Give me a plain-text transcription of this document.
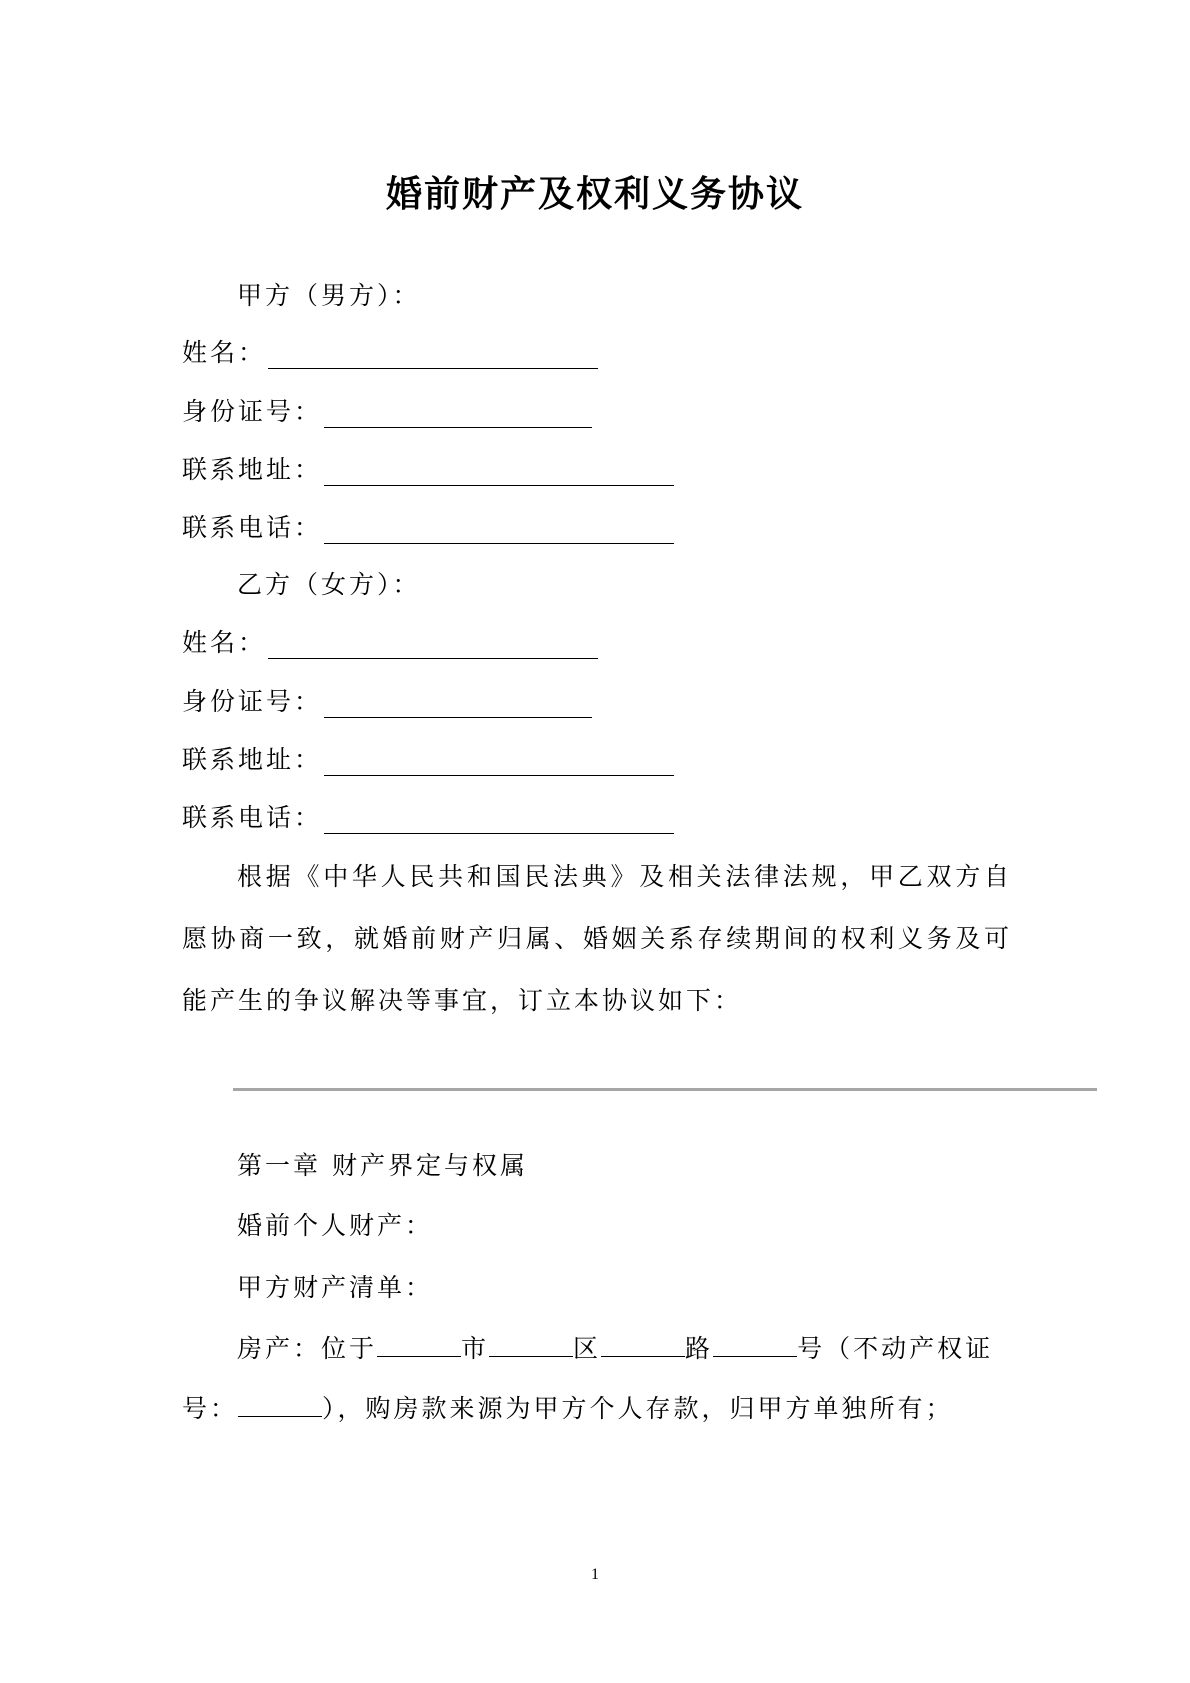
婚前财产及权利义务协议
甲方（男方）：
姓名：
身份证号：
联系地址：
联系电话：
乙方（女方）：
姓名：
身份证号：
联系地址：
联系电话：
根据《中华人民共和国民法典》及相关法律法规，甲乙双方自愿协商一致，就婚前财产归属、婚姻关系存续期间的权利义务及可能产生的争议解决等事宜，订立本协议如下：
第一章 财产界定与权属
婚前个人财产：
甲方财产清单：
房产：位于	市	区	路	号（不动产权证
号：	），购房款来源为甲方个人存款，归甲方单独所有；
1
